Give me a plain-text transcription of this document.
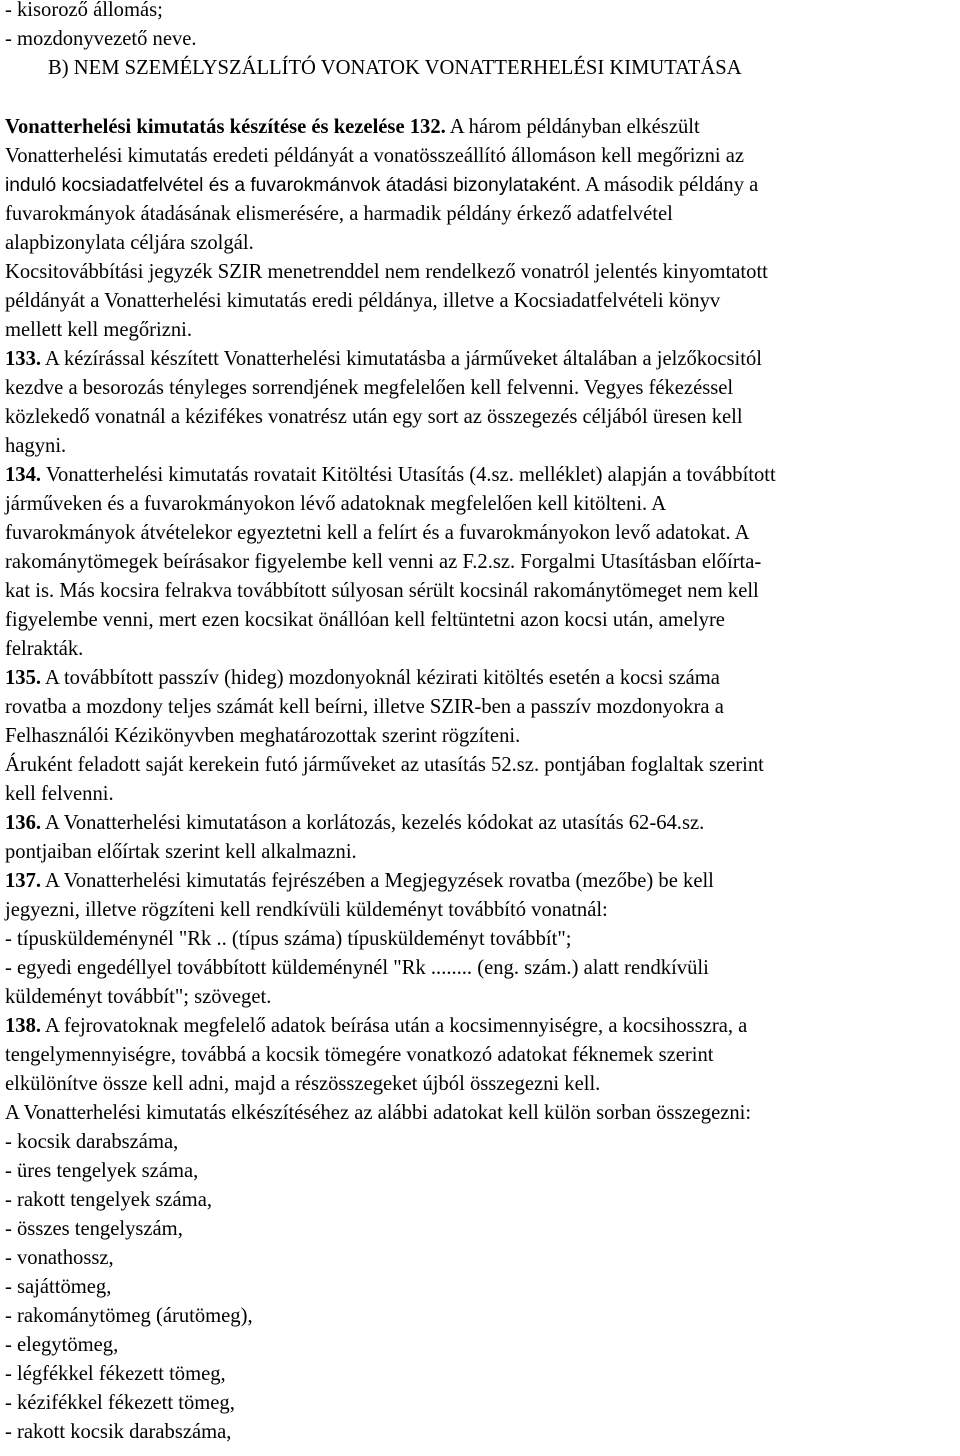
- kisoroző állomás;
- mozdonyvezető neve.
B) NEM SZEMÉLYSZÁLLÍTÓ VONATOK VONATTERHELÉSI KIMUTATÁSA
Vonatterhelési kimutatás készítése és kezelése 132. A három példányban elkészült
Vonatterhelési kimutatás eredeti példányát a vonatösszeállító állomáson kell megőrizni az
induló kocsiadatfelvétel és a fuvarokmánvok átadási bizonylataként. A második példány a
fuvarokmányok átadásának elismerésére, a harmadik példány érkező adatfelvétel
alapbizonylata céljára szolgál.
Kocsitovábbítási jegyzék SZIR menetrenddel nem rendelkező vonatról jelentés kinyomtatott
példányát a Vonatterhelési kimutatás eredi példánya, illetve a Kocsiadatfelvételi könyv
mellett kell megőrizni.
133. A kézírással készített Vonatterhelési kimutatásba a járműveket általában a jelzőkocsitól
kezdve a besorozás tényleges sorrendjének megfelelően kell felvenni. Vegyes fékezéssel
közlekedő vonatnál a kézifékes vonatrész után egy sort az összegezés céljából üresen kell
hagyni.
134. Vonatterhelési kimutatás rovatait Kitöltési Utasítás (4.sz. melléklet) alapján a továbbított
járműveken és a fuvarokmányokon lévő adatoknak megfelelően kell kitölteni. A
fuvarokmányok átvételekor egyeztetni kell a felírt és a fuvarokmányokon levő adatokat. A
rakománytömegek beírásakor figyelembe kell venni az F.2.sz. Forgalmi Utasításban előírta-
kat is. Más kocsira felrakva továbbított súlyosan sérült kocsinál rakománytömeget nem kell
figyelembe venni, mert ezen kocsikat önállóan kell feltüntetni azon kocsi után, amelyre
felrakták.
135. A továbbított passzív (hideg) mozdonyoknál kézirati kitöltés esetén a kocsi száma
rovatba a mozdony teljes számát kell beírni, illetve SZIR-ben a passzív mozdonyokra a
Felhasználói Kézikönyvben meghatározottak szerint rögzíteni.
Áruként feladott saját kerekein futó járműveket az utasítás 52.sz. pontjában foglaltak szerint
kell felvenni.
136. A Vonatterhelési kimutatáson a korlátozás, kezelés kódokat az utasítás 62-64.sz.
pontjaiban előírtak szerint kell alkalmazni.
137. A Vonatterhelési kimutatás fejrészében a Megjegyzések rovatba (mezőbe) be kell
jegyezni, illetve rögzíteni kell rendkívüli küldeményt továbbító vonatnál:
- típusküldeménynél "Rk .. (típus száma) típusküldeményt továbbít";
- egyedi engedéllyel továbbított küldeménynél "Rk ........ (eng. szám.) alatt rendkívüli
küldeményt továbbít"; szöveget.
138. A fejrovatoknak megfelelő adatok beírása után a kocsimennyiségre, a kocsihosszra, a
tengelymennyiségre, továbbá a kocsik tömegére vonatkozó adatokat féknemek szerint
elkülönítve össze kell adni, majd a részösszegeket újból összegezni kell.
A Vonatterhelési kimutatás elkészítéséhez az alábbi adatokat kell külön sorban összegezni:
- kocsik darabszáma,
- üres tengelyek száma,
- rakott tengelyek száma,
- összes tengelyszám,
- vonathossz,
- sajáttömeg,
- rakománytömeg (árutömeg),
- elegytömeg,
- légfékkel fékezett tömeg,
- kézifékkel fékezett tömeg,
- rakott kocsik darabszáma,
